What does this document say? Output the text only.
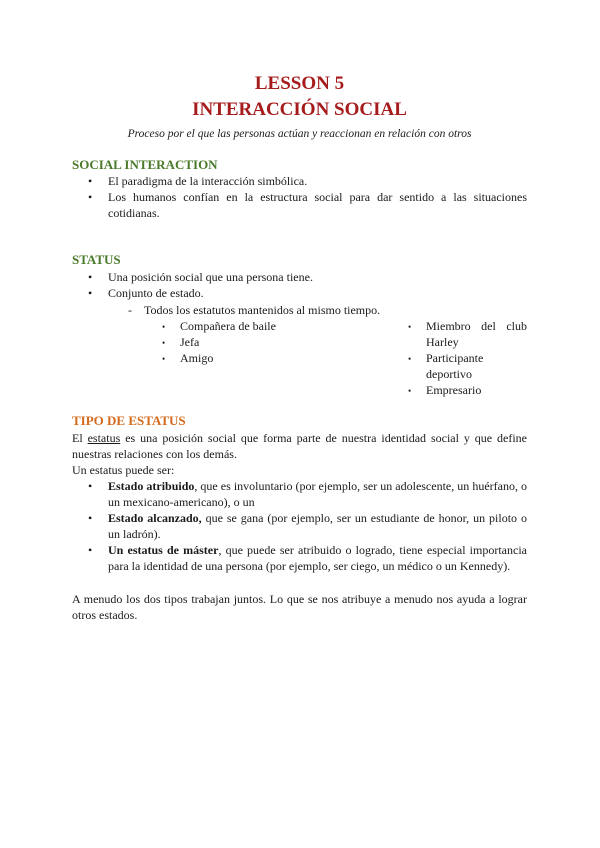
LESSON 5
INTERACCIÓN SOCIAL
Proceso por el que las personas actúan y reaccionan en relación con otros
SOCIAL INTERACTION
• El paradigma de la interacción simbólica.
• Los humanos confían en la estructura social para dar sentido a las situaciones cotidianas.
STATUS
• Una posición social que una persona tiene.
• Conjunto de estado.
- Todos los estatutos mantenidos al mismo tiempo.
• Compañera de baile
• Jefa
• Amigo
• Miembro del club Harley
• Participante deportivo
• Empresario
TIPO DE ESTATUS
El estatus es una posición social que forma parte de nuestra identidad social y que define nuestras relaciones con los demás.
Un estatus puede ser:
• Estado atribuido, que es involuntario (por ejemplo, ser un adolescente, un huérfano, o un mexicano-americano), o un
• Estado alcanzado, que se gana (por ejemplo, ser un estudiante de honor, un piloto o un ladrón).
• Un estatus de máster, que puede ser atribuido o logrado, tiene especial importancia para la identidad de una persona (por ejemplo, ser ciego, un médico o un Kennedy).
A menudo los dos tipos trabajan juntos. Lo que se nos atribuye a menudo nos ayuda a lograr otros estados.
